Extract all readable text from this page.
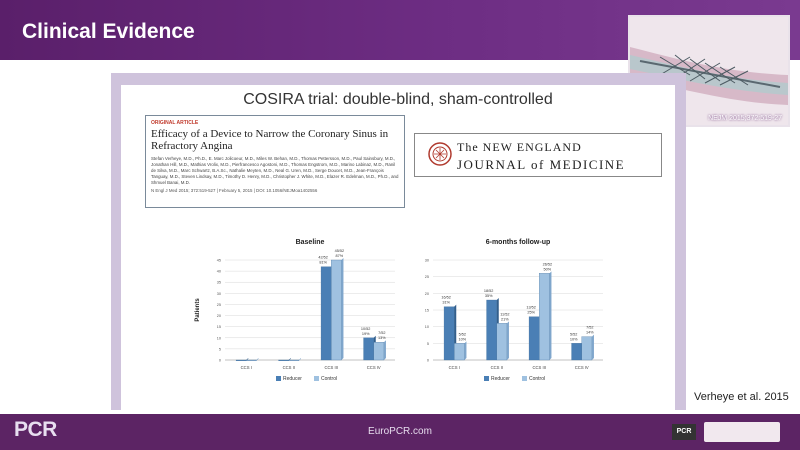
Clinical Evidence
NEJM 2015;372:519-27
COSIRA trial: double-blind, sham-controlled
ORIGINAL ARTICLE
Efficacy of a Device to Narrow the Coronary Sinus in Refractory Angina
Stefan Verheye, M.D., Ph.D., E. Marc Jolicoeur, M.D., Miles W. Behan, M.D., Thomas Pettersson, M.D., Paul Sainsbury, M.D., Jonathan Hill, M.D., Mathias Vrolix, M.D., Pierfrancesco Agostoni, M.D., Thomas Engstrom, M.D., Marino Labinaz, M.D., Ranil de Silva, M.D., Marc Schwartz, B.A.Sc., Nathalie Meyten, M.D., Neal G. Uren, M.D., Serge Doucet, M.D., Jean-François Tanguay, M.D., Steven Lindsay, M.D., Timothy D. Henry, M.D., Christopher J. White, M.D., Elazer R. Edelman, M.D., Ph.D., and Shmuel Banai, M.D.
N Engl J Med 2015; 372:519-527 | February 5, 2015 | DOI: 10.1056/NEJMoa1402556
The NEW ENGLAND
JOURNAL of MEDICINE
Baseline
Patients
0
5
10
15
20
25
30
35
40
45
CCS I	CCS II	CCS III
42/52
81%
45/52
87%
CCS IV
10/52
19% 7/52
13%
Reducer	Control
6-months follow-up
0
5
10
15
20
25
30
CCS I
16/52
31%
5/52
10%
CCS II
18/52
35%
11/52
21%
CCS III
13/52
25%
26/52
50%
CCS IV
5/52
10%
7/52
14%
Reducer	Control
Verheye et al. 2015
PCR	EuroPCR.com	PCR
